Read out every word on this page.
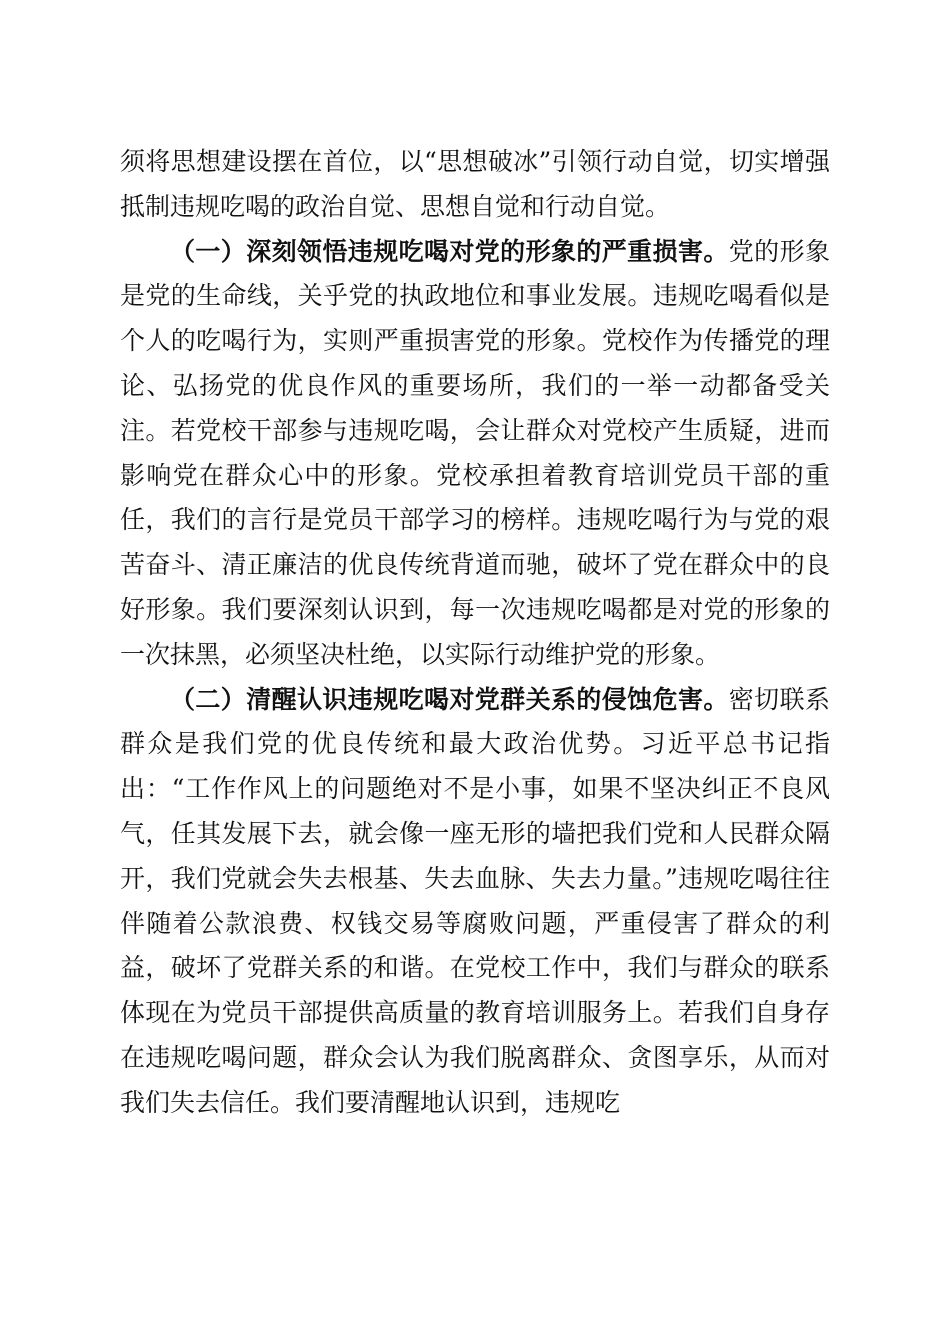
须将思想建设摆在首位，以“思想破冰”引领行动自觉，切实增强抵制违规吃喝的政治自觉、思想自觉和行动自觉。

（一）深刻领悟违规吃喝对党的形象的严重损害。党的形象是党的生命线，关乎党的执政地位和事业发展。违规吃喝看似是个人的吃喝行为，实则严重损害党的形象。党校作为传播党的理论、弘扬党的优良作风的重要场所，我们的一举一动都备受关注。若党校干部参与违规吃喝，会让群众对党校产生质疑，进而影响党在群众心中的形象。党校承担着教育培训党员干部的重任，我们的言行是党员干部学习的榜样。违规吃喝行为与党的艰苦奋斗、清正廉洁的优良传统背道而驰，破坏了党在群众中的良好形象。我们要深刻认识到，每一次违规吃喝都是对党的形象的一次抹黑，必须坚决杜绝，以实际行动维护党的形象。

（二）清醒认识违规吃喝对党群关系的侵蚀危害。密切联系群众是我们党的优良传统和最大政治优势。习近平总书记指出：“工作作风上的问题绝对不是小事，如果不坚决纠正不良风气，任其发展下去，就会像一座无形的墙把我们党和人民群众隔开，我们党就会失去根基、失去血脉、失去力量。”违规吃喝往往伴随着公款浪费、权钱交易等腐败问题，严重侵害了群众的利益，破坏了党群关系的和谐。在党校工作中，我们与群众的联系体现在为党员干部提供高质量的教育培训服务上。若我们自身存在违规吃喝问题，群众会认为我们脱离群众、贪图享乐，从而对我们失去信任。我们要清醒地认识到，违规吃
